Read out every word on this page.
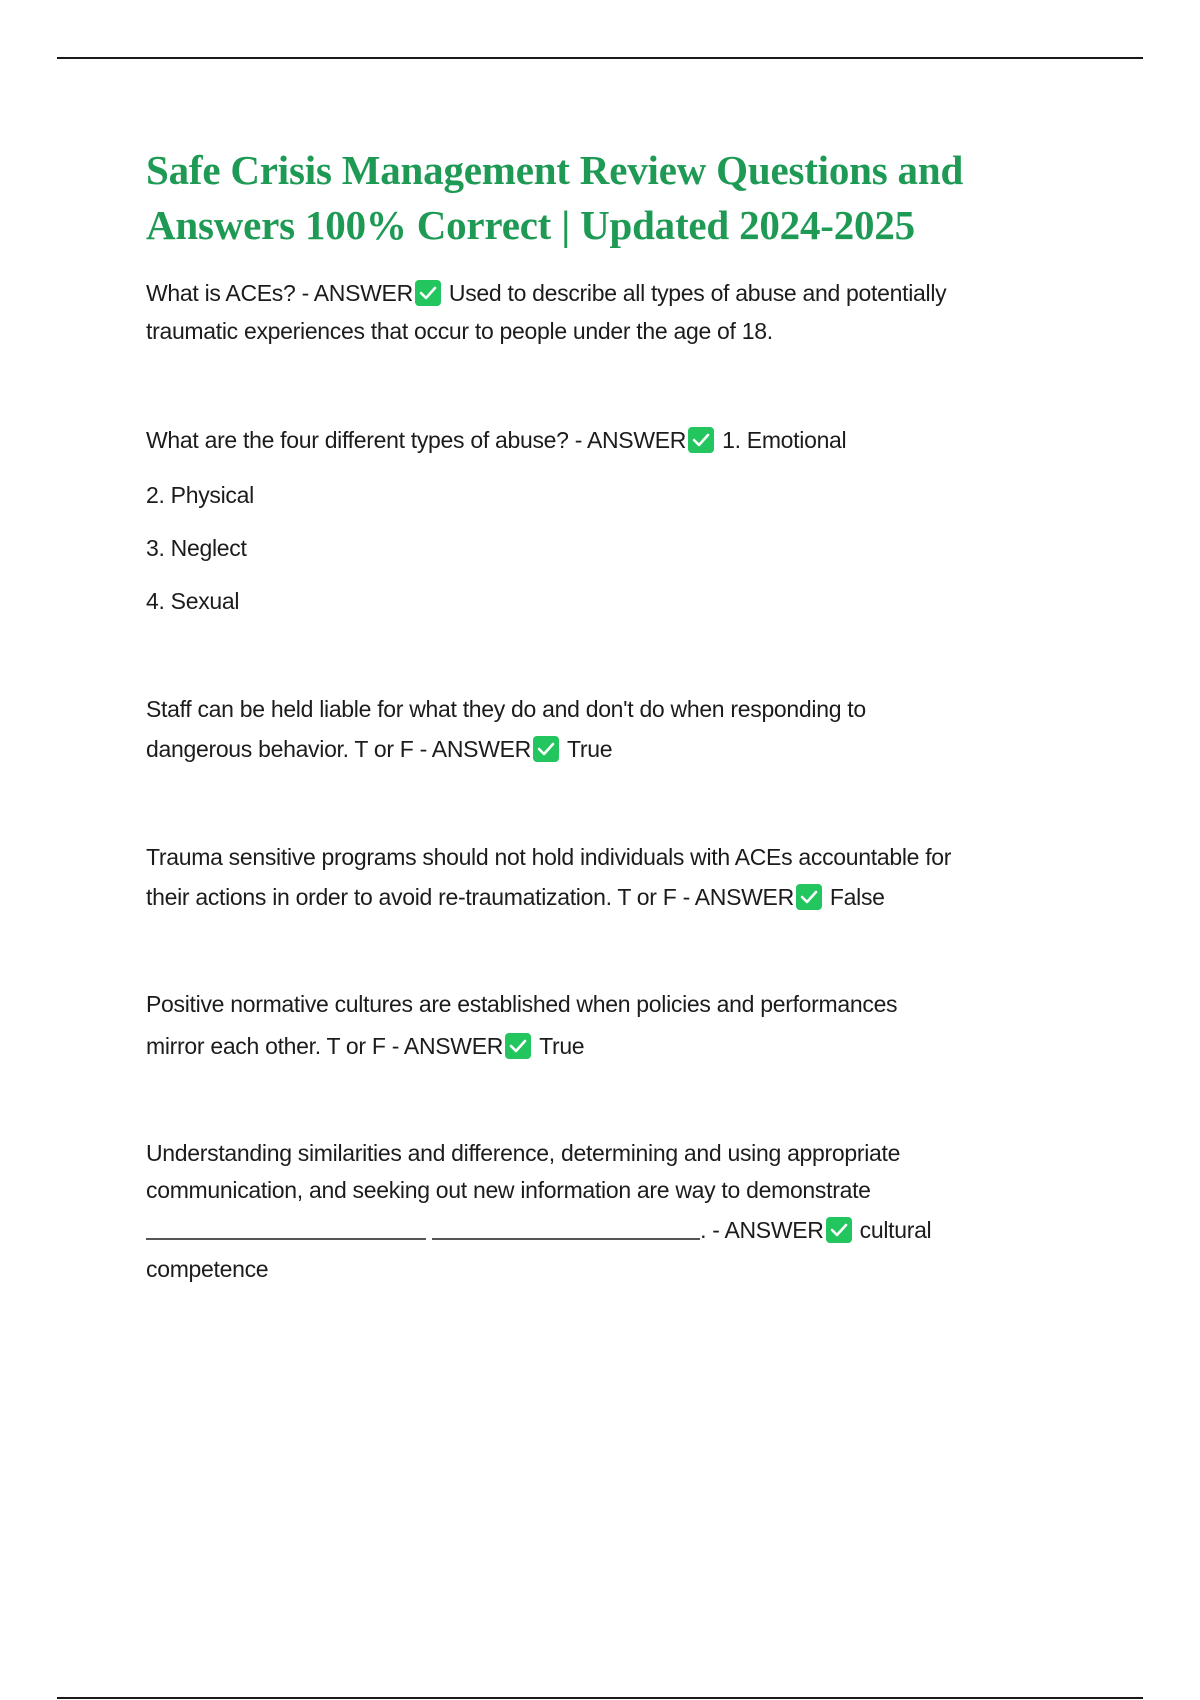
Safe Crisis Management Review Questions and
Answers 100% Correct | Updated 2024-2025
What is ACEs? - ANSWER Used to describe all types of abuse and potentially
traumatic experiences that occur to people under the age of 18.
What are the four different types of abuse? - ANSWER 1. Emotional
2. Physical
3. Neglect
4. Sexual
Staff can be held liable for what they do and don't do when responding to
dangerous behavior. T or F - ANSWER True
Trauma sensitive programs should not hold individuals with ACEs accountable for
their actions in order to avoid re-traumatization. T or F - ANSWER False
Positive normative cultures are established when policies and performances
mirror each other. T or F - ANSWER True
Understanding similarities and difference, determining and using appropriate
communication, and seeking out new information are way to demonstrate
. - ANSWER cultural
competence
